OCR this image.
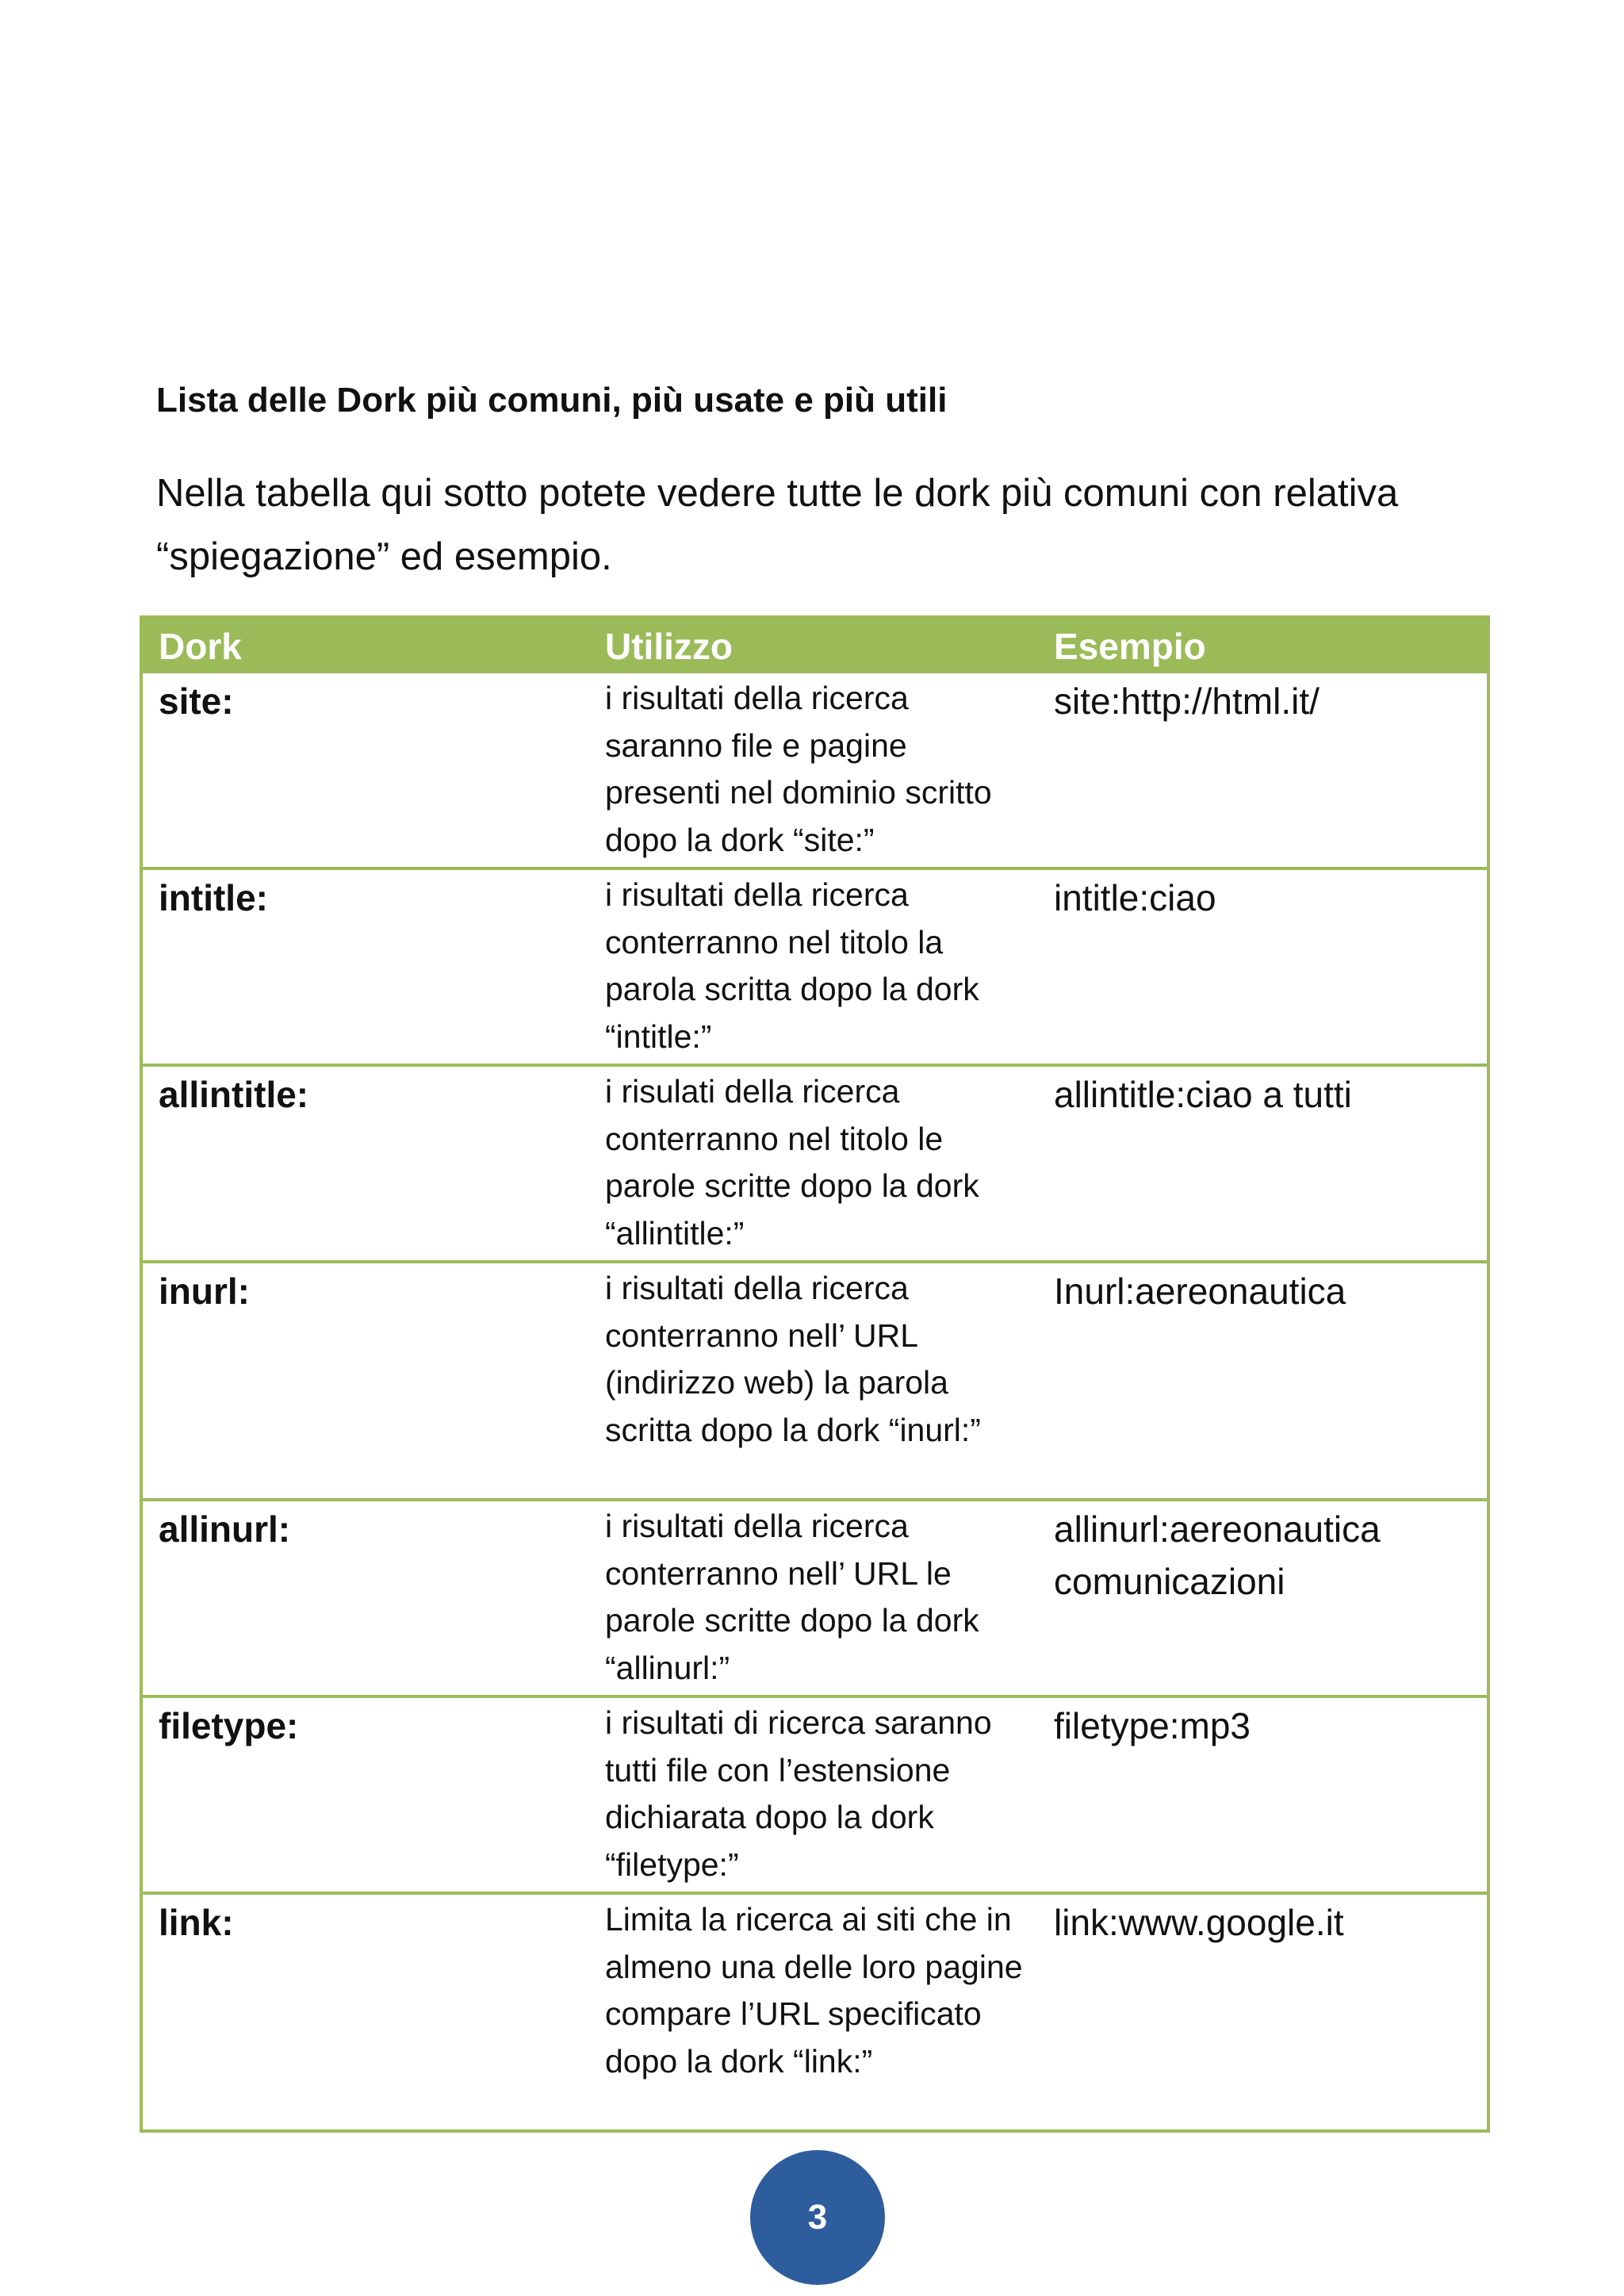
Lista delle Dork più comuni, più usate e più utili

Nella tabella qui sotto potete vedere tutte le dork più comuni con relativa “spiegazione” ed esempio.

Dork	Utilizzo	Esempio
site:	i risultati della ricerca saranno file e pagine presenti nel dominio scritto dopo la dork “site:”	site:http://html.it/
intitle:	i risultati della ricerca conterranno nel titolo la parola scritta dopo la dork “intitle:”	intitle:ciao
allintitle:	i risulati della ricerca conterranno nel titolo le parole scritte dopo la dork “allintitle:”	allintitle:ciao a tutti
inurl:	i risultati della ricerca conterranno nell’ URL (indirizzo web) la parola scritta dopo la dork “inurl:”	Inurl:aereonautica
allinurl:	i risultati della ricerca conterranno nell’ URL le parole scritte dopo la dork “allinurl:”	allinurl:aereonautica comunicazioni
filetype:	i risultati di ricerca saranno tutti file con l’estensione dichiarata dopo la dork “filetype:”	filetype:mp3
link:	Limita la ricerca ai siti che in almeno una delle loro pagine compare l’URL specificato dopo la dork “link:”	link:www.google.it
3
